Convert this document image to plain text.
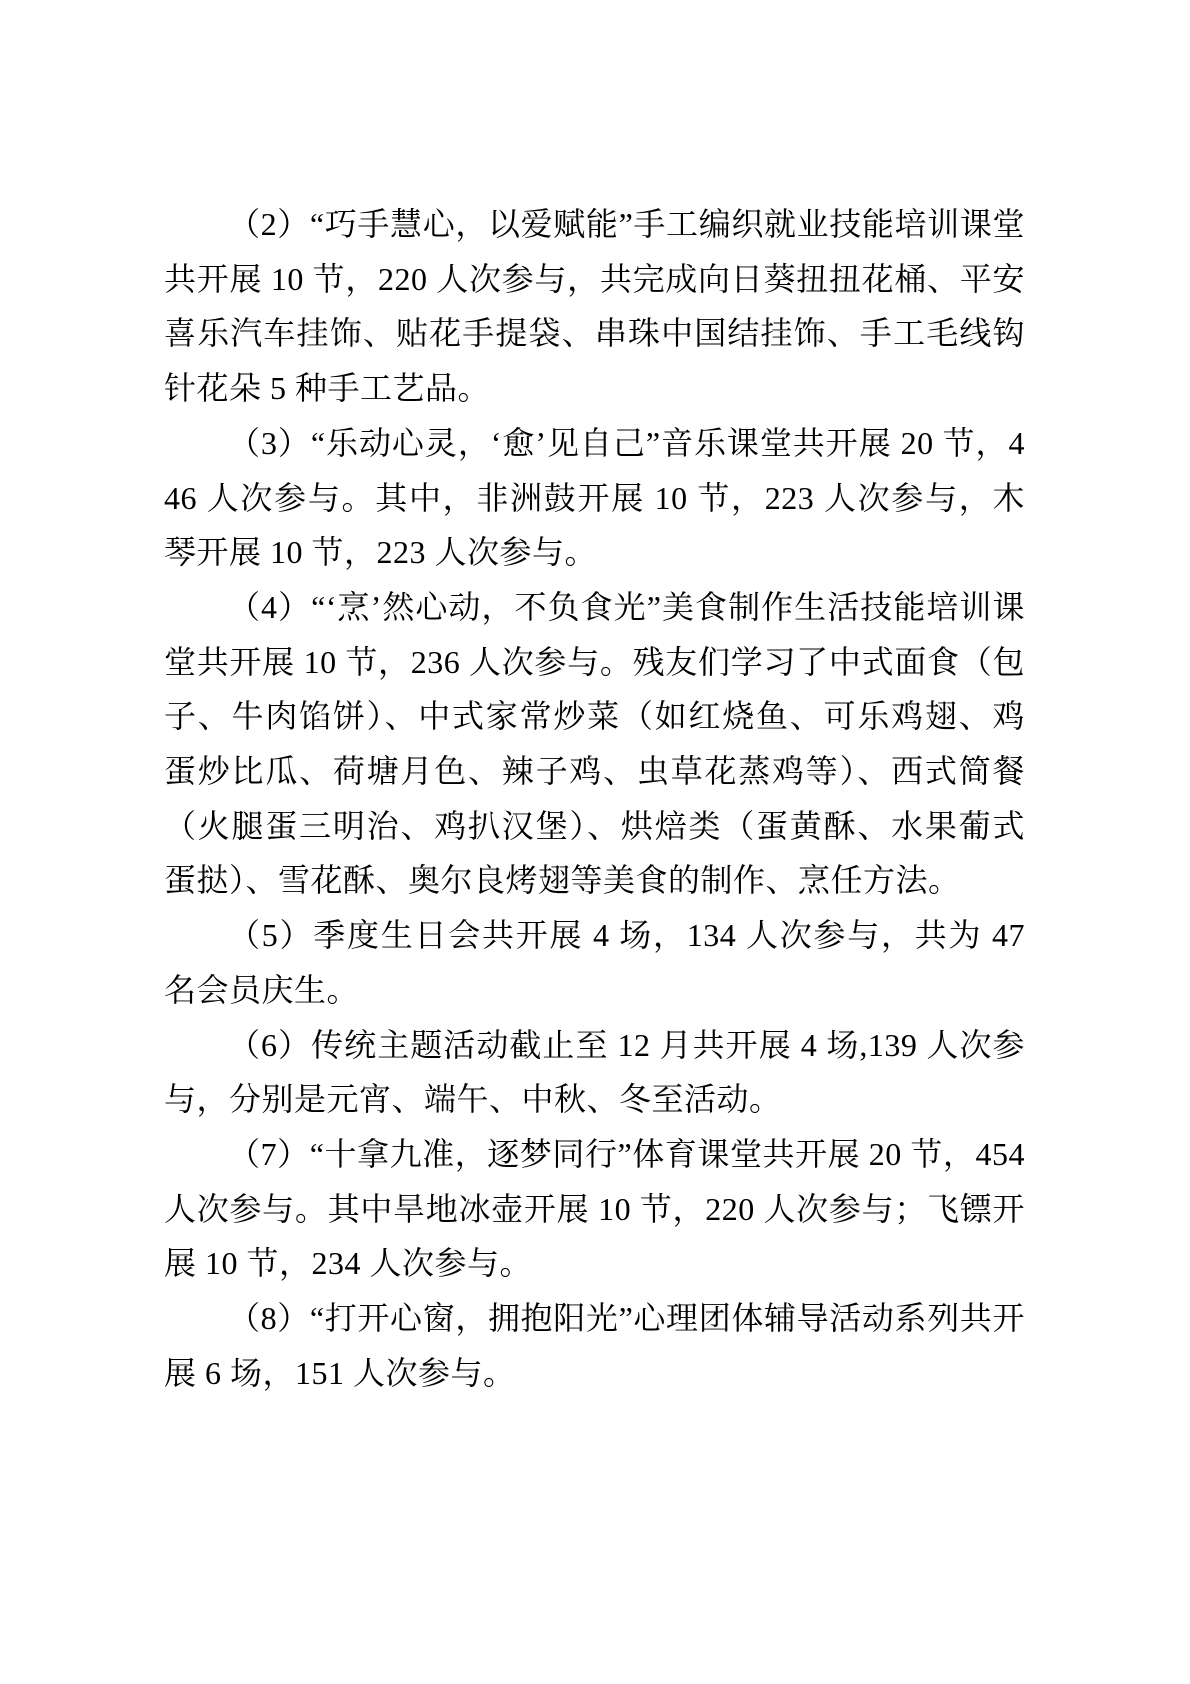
（2）“巧手慧心，以爱赋能”手工编织就业技能培训课堂共开展 10 节，220 人次参与，共完成向日葵扭扭花桶、平安喜乐汽车挂饰、贴花手提袋、串珠中国结挂饰、手工毛线钩针花朵 5 种手工艺品。

（3）“乐动心灵，‘愈’见自己”音乐课堂共开展 20 节，446 人次参与。其中，非洲鼓开展 10 节，223 人次参与，木琴开展 10 节，223 人次参与。

（4）“‘烹’然心动，不负食光”美食制作生活技能培训课堂共开展 10 节，236 人次参与。残友们学习了中式面食（包子、牛肉馅饼）、中式家常炒菜（如红烧鱼、可乐鸡翅、鸡蛋炒比瓜、荷塘月色、辣子鸡、虫草花蒸鸡等）、西式简餐（火腿蛋三明治、鸡扒汉堡）、烘焙类（蛋黄酥、水果葡式蛋挞）、雪花酥、奥尔良烤翅等美食的制作、烹任方法。

（5）季度生日会共开展 4 场，134 人次参与，共为 47 名会员庆生。

（6）传统主题活动截止至 12 月共开展 4 场,139 人次参与，分别是元宵、端午、中秋、冬至活动。

（7）“十拿九准，逐梦同行”体育课堂共开展 20 节，454 人次参与。其中旱地冰壶开展 10 节，220 人次参与；飞镖开展 10 节，234 人次参与。

（8）“打开心窗，拥抱阳光”心理团体辅导活动系列共开展 6 场，151 人次参与。
